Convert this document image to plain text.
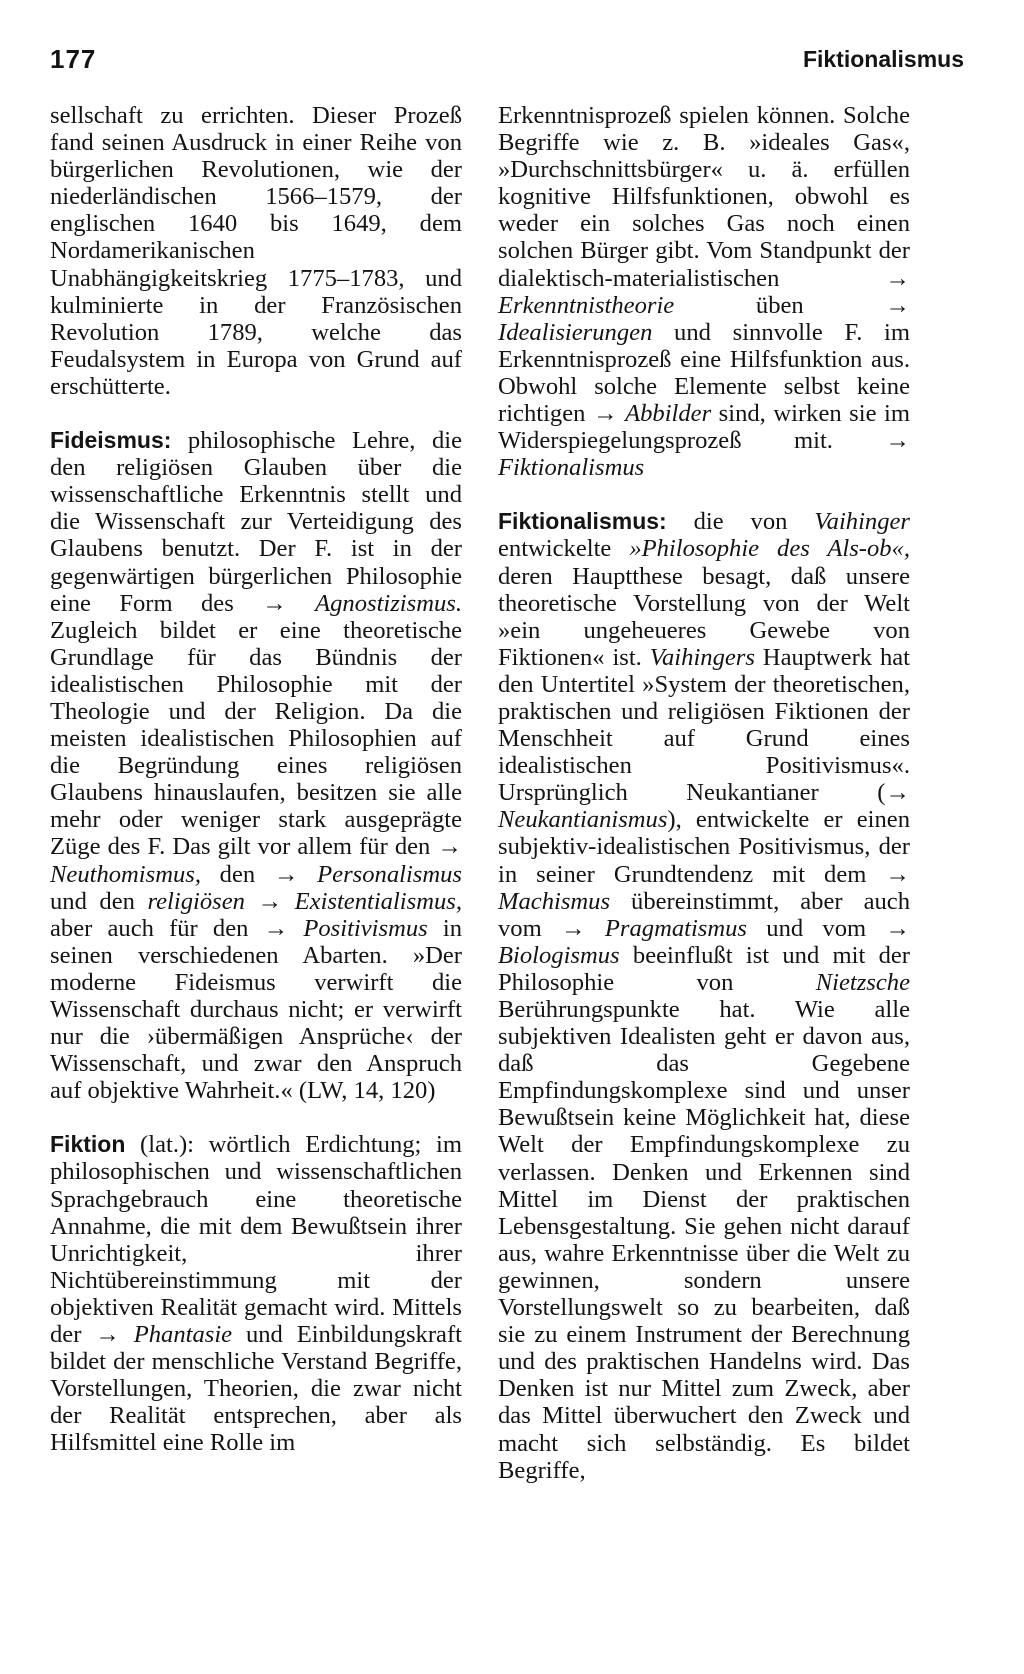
177	Fiktionalismus

sellschaft zu errichten. Dieser Prozeß fand seinen Ausdruck in einer Reihe von bürgerlichen Revolutionen, wie der niederländischen 1566–1579, der englischen 1640 bis 1649, dem Nordamerikanischen Unabhängigkeitskrieg 1775–1783, und kulminierte in der Französischen Revolution 1789, welche das Feudalsystem in Europa von Grund auf erschütterte.

Fideismus: philosophische Lehre, die den religiösen Glauben über die wissenschaftliche Erkenntnis stellt und die Wissenschaft zur Verteidigung des Glaubens benutzt. Der F. ist in der gegenwärtigen bürgerlichen Philosophie eine Form des → Agnostizismus. Zugleich bildet er eine theoretische Grundlage für das Bündnis der idealistischen Philosophie mit der Theologie und der Religion. Da die meisten idealistischen Philosophien auf die Begründung eines religiösen Glaubens hinauslaufen, besitzen sie alle mehr oder weniger stark ausgeprägte Züge des F. Das gilt vor allem für den → Neuthomismus, den → Personalismus und den religiösen → Existentialismus, aber auch für den → Positivismus in seinen verschiedenen Abarten. »Der moderne Fideismus verwirft die Wissenschaft durchaus nicht; er verwirft nur die ›übermäßigen Ansprüche‹ der Wissenschaft, und zwar den Anspruch auf objektive Wahrheit.« (LW, 14, 120)

Fiktion (lat.): wörtlich Erdichtung; im philosophischen und wissenschaftlichen Sprachgebrauch eine theoretische Annahme, die mit dem Bewußtsein ihrer Unrichtigkeit, ihrer Nichtübereinstimmung mit der objektiven Realität gemacht wird. Mittels der → Phantasie und Einbildungskraft bildet der menschliche Verstand Begriffe, Vorstellungen, Theorien, die zwar nicht der Realität entsprechen, aber als Hilfsmittel eine Rolle im

Erkenntnisprozeß spielen können. Solche Begriffe wie z. B. »ideales Gas«, »Durchschnittsbürger« u. ä. erfüllen kognitive Hilfsfunktionen, obwohl es weder ein solches Gas noch einen solchen Bürger gibt. Vom Standpunkt der dialektisch-materialistischen → Erkenntnistheorie üben → Idealisierungen und sinnvolle F. im Erkenntnisprozeß eine Hilfsfunktion aus. Obwohl solche Elemente selbst keine richtigen → Abbilder sind, wirken sie im Widerspiegelungsprozeß mit. → Fiktionalismus

Fiktionalismus: die von Vaihinger entwickelte »Philosophie des Als-ob«, deren Hauptthese besagt, daß unsere theoretische Vorstellung von der Welt »ein ungeheueres Gewebe von Fiktionen« ist. Vaihingers Hauptwerk hat den Untertitel »System der theoretischen, praktischen und religiösen Fiktionen der Menschheit auf Grund eines idealistischen Positivismus«. Ursprünglich Neukantianer (→ Neukantianismus), entwickelte er einen subjektiv-idealistischen Positivismus, der in seiner Grundtendenz mit dem → Machismus übereinstimmt, aber auch vom → Pragmatismus und vom → Biologismus beeinflußt ist und mit der Philosophie von Nietzsche Berührungspunkte hat. Wie alle subjektiven Idealisten geht er davon aus, daß das Gegebene Empfindungskomplexe sind und unser Bewußtsein keine Möglichkeit hat, diese Welt der Empfindungskomplexe zu verlassen. Denken und Erkennen sind Mittel im Dienst der praktischen Lebensgestaltung. Sie gehen nicht darauf aus, wahre Erkenntnisse über die Welt zu gewinnen, sondern unsere Vorstellungswelt so zu bearbeiten, daß sie zu einem Instrument der Berechnung und des praktischen Handelns wird. Das Denken ist nur Mittel zum Zweck, aber das Mittel überwuchert den Zweck und macht sich selbständig. Es bildet Begriffe,
